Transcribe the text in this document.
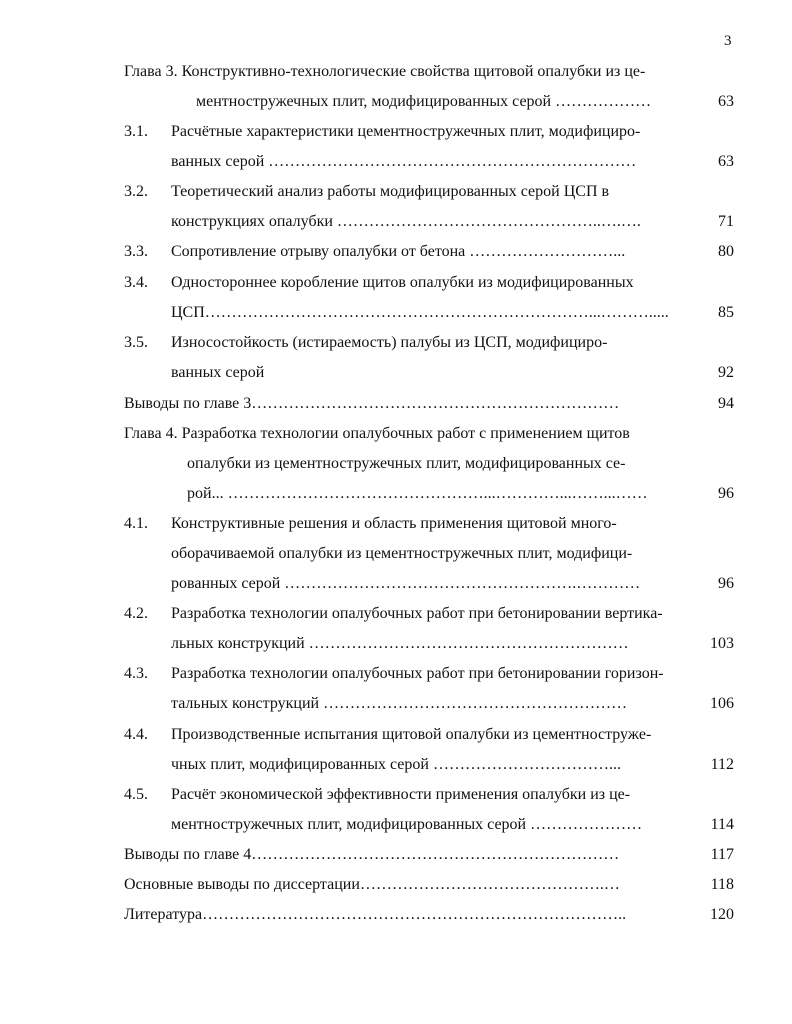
3
Глава 3. Конструктивно-технологические свойства щитовой опалубки из це-
ментностружечных плит, модифицированных серой ………………	63
3.1.	Расчётные характеристики цементностружечных плит, модифициро-
ванных серой ……………………………………………………………	63
3.2.	Теоретический анализ работы модифицированных серой ЦСП в
конструкциях опалубки …………………………………………..….….	71
3.3.	Сопротивление отрыву опалубки от бетона ………………………...	80
3.4.	Одностороннее коробление щитов опалубки из модифицированных
ЦСП………………………………………………………………...……….....	85
3.5.	Износостойкость (истираемость) палубы из ЦСП, модифициро-
ванных серой	92
Выводы по главе 3……………………………………………………………	94
Глава 4. Разработка технологии опалубочных работ с применением щитов
опалубки из цементностружечных плит, модифицированных се-
рой... …………………………………………...…………...……...……	96
4.1.	Конструктивные решения и область применения щитовой много-
оборачиваемой опалубки из цементностружечных плит, модифици-
рованных серой ……………………………………………….…………	96
4.2.	Разработка технологии опалубочных работ при бетонировании вертика-
льных конструкций ……………………………………………………	103
4.3.	Разработка технологии опалубочных работ при бетонировании горизон-
тальных конструкций …………………………………………………	106
4.4.	Производственные испытания щитовой опалубки из цементностружe-
чных плит, модифицированных серой ……………………………...	112
4.5.	Расчёт экономической эффективности применения опалубки из це-
ментностружечных плит, модифицированных серой …………………	114
Выводы по главе 4……………………………………………………………	117
Основные выводы по диссертации……………………………………….…	118
Литература……………………………………………………………………..	120
